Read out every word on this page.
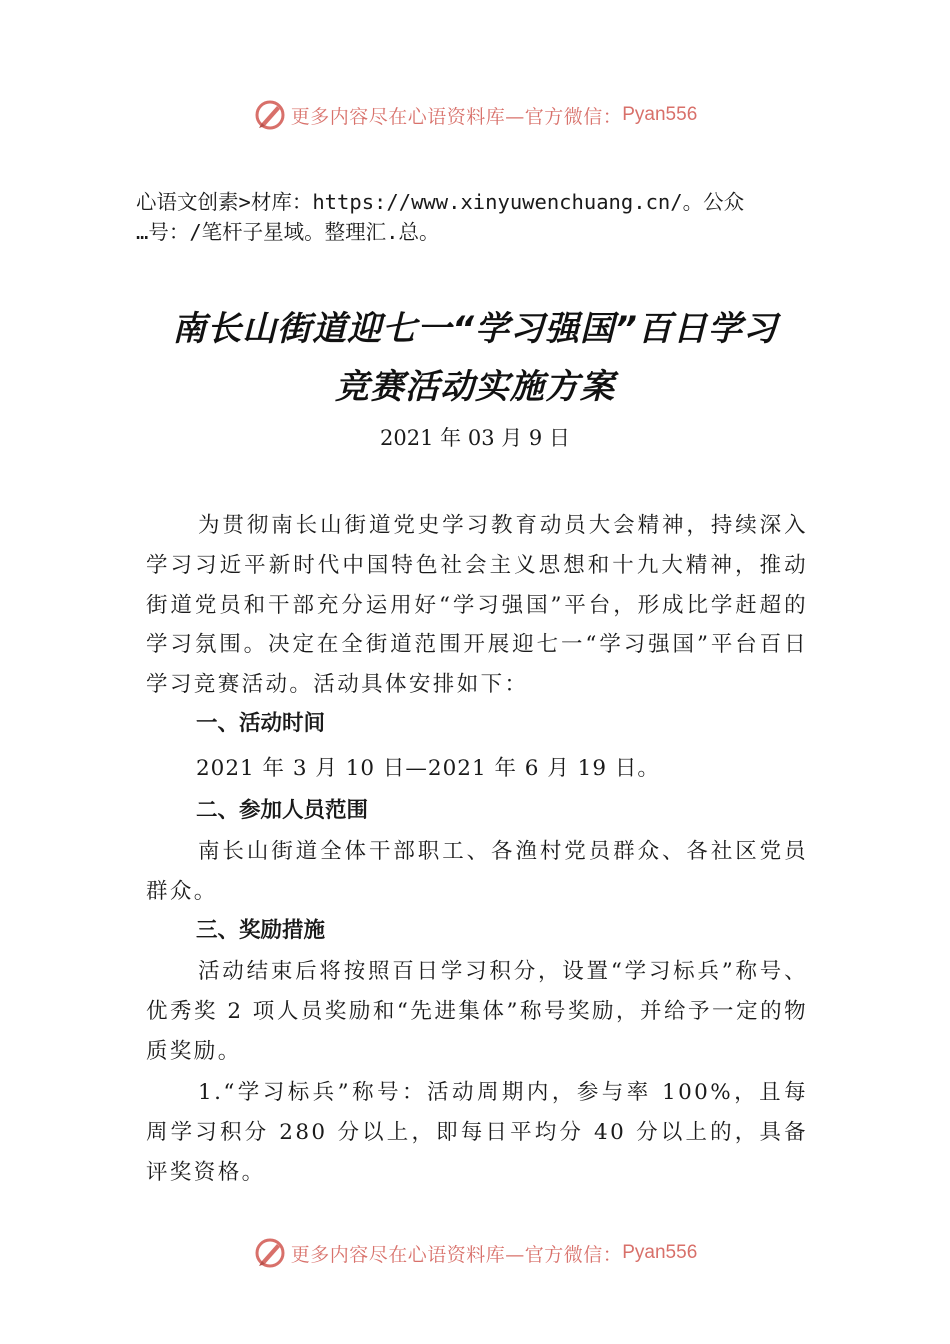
更多内容尽在心语资料库—官方微信： Pyan556
心语文创素>材库：https://www.xinyuwenchuang.cn/。公众
…号：/笔杆子星域。整理汇.总。
南长山街道迎七一“学习强国”百日学习
竞赛活动实施方案
2021 年 03 月 9 日
为贯彻南长山街道党史学习教育动员大会精神，持续深入学习习近平新时代中国特色社会主义思想和十九大精神，推动街道党员和干部充分运用好“学习强国”平台，形成比学赶超的学习氛围。决定在全街道范围开展迎七一“学习强国”平台百日学习竞赛活动。活动具体安排如下：
一、活动时间
2021 年 3 月 10 日—2021 年 6 月 19 日。
二、参加人员范围
南长山街道全体干部职工、各渔村党员群众、各社区党员群众。
三、奖励措施
活动结束后将按照百日学习积分，设置“学习标兵”称号、优秀奖 2 项人员奖励和“先进集体”称号奖励，并给予一定的物质奖励。
1.“学习标兵”称号：活动周期内，参与率 100%，且每周学习积分 280 分以上，即每日平均分 40 分以上的，具备评奖资格。
更多内容尽在心语资料库—官方微信： Pyan556
